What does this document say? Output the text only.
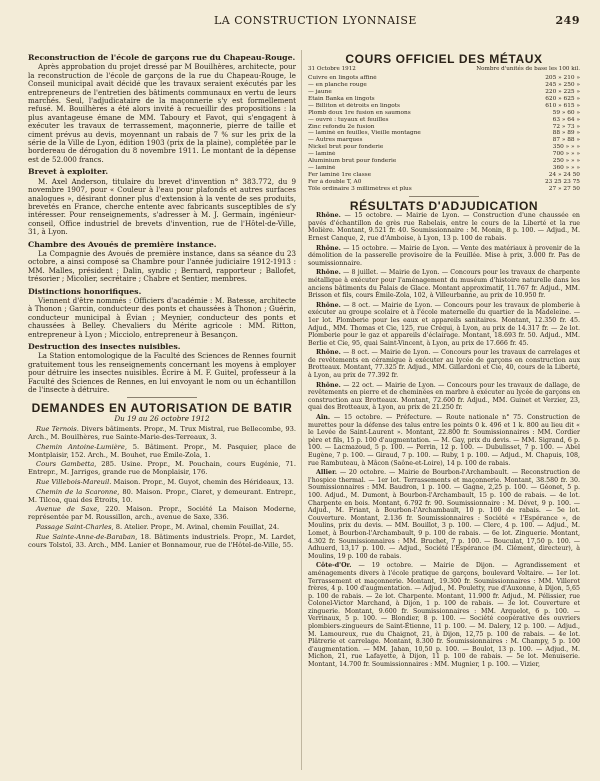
LA CONSTRUCTION LYONNAISE	249
Reconstruction de l'école de garçons rue du Chapeau-Rouge.

Après approbation du projet dressé par M Bouilhères, architecte, pour la reconstruction de l'école de garçons de la rue du Chapeau-Rouge, le Conseil municipal avait décidé que les travaux seraient exécutés par les entrepreneurs de l'entretien des bâtiments communaux en vertu de leurs marchés. Seul, l'adjudicataire de la maçonnerie s'y est formellement refusé. M. Bouilhères a été alors invité à recueillir des propositions : la plus avantageuse émane de MM. Taboury et Favot, qui s'engagent à exécuter les travaux de terrassement, maçonnerie, pierre de taille et ciment prévus au devis, moyennant un rabais de 7 % sur les prix de la série de la Ville de Lyon, édition 1903 (prix de la plaine), complétée par le bordereau de dérogation du 8 novembre 1911. Le montant de la dépense est de 52.000 francs.

Brevet à exploiter.

M. Axel Anderson, titulaire du brevet d'invention n° 383.772, du 9 novembre 1907, pour « Couleur à l'eau pour plafonds et autres surfaces analogues », désirant donner plus d'extension à la vente de ses produits, brevetés en France, cherche entente avec fabricants susceptibles de s'y intéresser. Pour renseignements, s'adresser à M. J. Germain, ingénieur-conseil, Office industriel de brevets d'invention, rue de l'Hôtel-de-Ville, 31, à Lyon.

Chambre des Avoués de première instance.

La Compagnie des Avoués de première instance, dans sa séance du 23 octobre, a ainsi composé sa Chambre pour l'année judiciaire 1912-1913 : MM. Malles, président ; Dalin, syndic ; Bernard, rapporteur ; Ballofet, trésorier ; Micolier, secrétaire ; Chabre et Sentier, membres.

Distinctions honorifiques.

Viennent d'être nommés : Officiers d'académie : M. Batesse, architecte à Thonon ; Garcin, conducteur des ponts et chaussées à Thonon ; Guérin, conducteur municipal à Évian ; Meynier, conducteur des ponts et chaussées à Belley. Chevaliers du Mérite agricole : MM. Ritton, entrepreneur à Lyon ; Micciolo, entrepreneur à Besançon.

Destruction des insectes nuisibles.

La Station entomologique de la Faculté des Sciences de Rennes fournit gratuitement tous les renseignements concernant les moyens à employer pour détruire les insectes nuisibles. Écrire à M. F. Guitel, professeur à la Faculté des Sciences de Rennes, en lui envoyant le nom ou un échantillon de l'insecte à détruire.

DEMANDES EN AUTORISATION DE BATIR
Du 19 au 26 octobre 1912

Rue Ternois. Divers bâtiments. Propr., M. Trux Mistral, rue Bellecombe, 93. Arch., M. Bouilhères, rue Sainte-Marie-des-Terreaux, 3.

Chemin Antoine-Lumière, 5. Bâtiment. Propr., M. Pasquier, place de Montplaisir, 152. Arch., M. Bouhet, rue Émile-Zola, 1.

Cours Gambetta, 285. Usine. Propr., M. Pouchain, cours Eugénie, 71. Entrepr., M. Jarriges, grande rue de Monplaisir, 176.

Rue Villebois-Mareuil. Maison. Propr., M. Guyot, chemin des Hérideaux, 13.

Chemin de la Scaronne, 80. Maison. Propr., Claret, y demeurant. Entrepr., M. Tilcoa, quai des Étroits, 10.

Avenue de Saxe, 220. Maison. Propr., Société La Maison Moderne, représentée par M. Roussillon, arch., avenue de Saxe, 336.

Passage Saint-Charles, 8. Atelier. Propr., M. Avinal, chemin Feuillat, 24.

Rue Sainte-Anne-de-Baraban, 18. Bâtiments industriels. Propr., M. Lardet, cours Tolstoï, 33. Arch., MM. Lanier et Bonnamour, rue de l'Hôtel-de-Ville, 55.

COURS OFFICIEL DES MÉTAUX
31 Octobre 1912	Nombre d'unités de base les 100 kil.
Cuivre en lingots affiné	205 » 210 »
— en planche rouge	245 » 250 »
— jaune	220 » 225 »
Étain Banka en lingots	620 » 625 »
— Billiton et détroits en lingots	610 » 615 »
Plomb doux 1re fusion en saumons	59 » 60 »
— ouvré : tuyaux et feuilles	63 » 64 »
Zinc refondu 2e fusion	72 » 73 »
— laminé en feuilles, Vieille montagne	88 » 89 »
— Autres marques	87 » 88 »
Nickel brut pour fonderie	350 » » »
— laminé	700 » » »
Aluminium brut pour fonderie	250 » » »
— laminé	360 » » »
Fer laminé 1re classe	24 » 24 50
Fer à double T, A0	23 25 23 75
Tôle ordinaire 3 millimètres et plus	27 » 27 50
RÉSULTATS D'ADJUDICATION

Rhône. — 15 octobre. — Mairie de Lyon. — Construction d'une chaussée en pavés d'échantillon de grès rue Rabelais, entre le cours de la Liberté et la rue Molière. Montant, 9.521 fr. 40. Soumissionnaire : M. Monin, 8 p. 100. — Adjud., M. Ernest Canque, 2, rue d'Amboise, à Lyon, 13 p. 100 de rabais.

Rhône. — 15 octobre. — Mairie de Lyon. — Vente des matériaux à provenir de la démolition de la passerelle provisoire de la Feuillée. Mise à prix, 3.000 fr. Pas de soumissionnaire.

Rhône. — 8 juillet. — Mairie de Lyon. — Concours pour les travaux de charpente métallique à exécuter pour l'aménagement du muséum d'histoire naturelle dans les anciens bâtiments du Palais de Glace. Montant approximatif, 11.767 fr. Adjud., MM. Brisson et fils, cours Émile-Zola, 102, à Villeurbanne, au prix de 10.950 fr.

Rhône. — 8 oct. — Mairie de Lyon. — Concours pour les travaux de plomberie à exécuter au groupe scolaire et à l'école maternelle du quartier de la Madeleine. — 1er lot. Plomberie pour les eaux et appareils sanitaires. Montant, 12.350 fr. 45. Adjud., MM. Thomas et Cie, 125, rue Créqui, à Lyon, au prix de 14.317 fr. — 2e lot. Plomberie pour le gaz et appareils d'éclairage. Montant, 18.693 fr. 50. Adjud., MM. Berlie et Cie, 95, quai Saint-Vincent, à Lyon, au prix de 17.666 fr. 45.

Rhône. — 8 oct. — Mairie de Lyon. — Concours pour les travaux de carrelages et de revêtements en céramique à exécuter au lycée de garçons en construction aux Brotteaux. Montant, 77.325 fr. Adjud., MM. Gillardoni et Cie, 40, cours de la Liberté, à Lyon, au prix de 77.392 fr.

Rhône. — 22 oct. — Mairie de Lyon. — Concours pour les travaux de dallage, de revêtements en pierre et de cheminées en marbre à exécuter au lycée de garçons en construction aux Brotteaux. Montant, 72.600 fr. Adjud., MM. Guinet et Verzier, 23, quai des Brotteaux, à Lyon, au prix de 21.250 fr.

Ain. — 15 octobre. — Préfecture. — Route nationale n° 75. Construction de murettes pour la défense des talus entre les points 0 k. 496 et 1 k. 800 au lieu dit « le Levée de Saint-Laurent ». Montant, 22.800 fr. Soumissionnaires : MM. Cordier père et fils, 15 p. 100 d'augmentation. — M. Gay, prix du devis. — MM. Sigrand, 6 p. 100. — Lacmazoud, 5 p. 100. — Perrin, 12 p. 100. — Dubulisset, 7 p. 100. — Abel Eugène, 7 p. 100. — Giraud, 7 p. 100. — Ruby, 1 p. 100. — Adjud., M. Chapuis, 108, rue Rambuteau, à Mâcon (Saône-et-Loire), 14 p. 100 de rabais.

Allier. — 20 octobre. — Mairie de Bourbon-l'Archambault. — Reconstruction de l'hospice thermal. — 1er lot. Terrassements et maçonnerie. Montant, 38.580 fr. 30. Soumissionnaires : MM. Baudron, 1 p. 100. — Gagne, 2,25 p. 100. — Géonet, 5 p. 100. Adjud., M. Dumont, à Bourbon-l'Archambault, 15 p. 100 de rabais. — 4e lot. Charpente en bois. Montant, 6.792 fr. 90. Soumissionnaire : M. Dévet, 9 p. 100. — Adjud., M. Friant, à Bourbon-l'Archambault, 10 p. 100 de rabais. — 5e lot. Couverture. Montant, 2.136 fr. Soumissionnaires : Société « l'Espérance », de Moulins, prix du devis. — MM. Bouillot, 3 p. 100. — Clerc, 4 p. 100. — Adjud., M. Lomet, à Bourbon-l'Archambault, 9 p. 100 de rabais. — 6e lot. Zinguerie. Montant, 4.302 fr. Soumissionnaires : MM. Bruchet, 7 p. 100. — Bouculat, 17,50 p. 100. — Adhuerd, 13,17 p. 100. — Adjud., Société l'Espérance (M. Clément, directeur), à Moulins, 19 p. 100 de rabais.

Côte-d'Or. — 19 octobre. — Mairie de Dijon. — Agrandissement et aménagements divers à l'école pratique de garçons, boulevard Voltaire. — 1er lot. Terrassement et maçonnerie. Montant, 19.300 fr. Soumissionnaires : MM. Villerot frères, 4 p. 100 d'augmentation. — Adjud., M. Pouletty, rue d'Auxonne, à Dijon, 5,65 p. 100 de rabais. — 2e lot. Charpente. Montant, 11.900 fr. Adjud., M. Pélissier, rue Colonel-Victor Marchand, à Dijon, 1 p. 100 de rabais. — 3e lot. Couverture et zinguerie. Montant, 9.600 fr. Soumissionnaires : MM. Arquelot, 6 p. 100. — Verrinaux, 5 p. 100. — Blondier, 8 p. 100. — Société coopérative des ouvriers plombiers-zingueurs de Saint-Étienne, 11 p. 100. — M. Dalery, 12 p. 100. — Adjud., M. Lamoureux, rue du Chaignot, 21, à Dijon, 12,75 p. 100 de rabais. — 4e lot. Plâtrerie et carrelage. Montant, 8.300 fr. Soumissionnaires : M. Champy, 5 p. 100 d'augmentation. — MM. Jahan, 10,50 p. 100. — Boulot, 13 p. 100. — Adjud., M. Michon, 21, rue Lafayette, à Dijon, 11 p. 100 de rabais. — 5e lot. Menuiserie. Montant, 14.700 fr. Soumissionnaires : MM. Mugnier, 1 p. 100. — Vizier,
